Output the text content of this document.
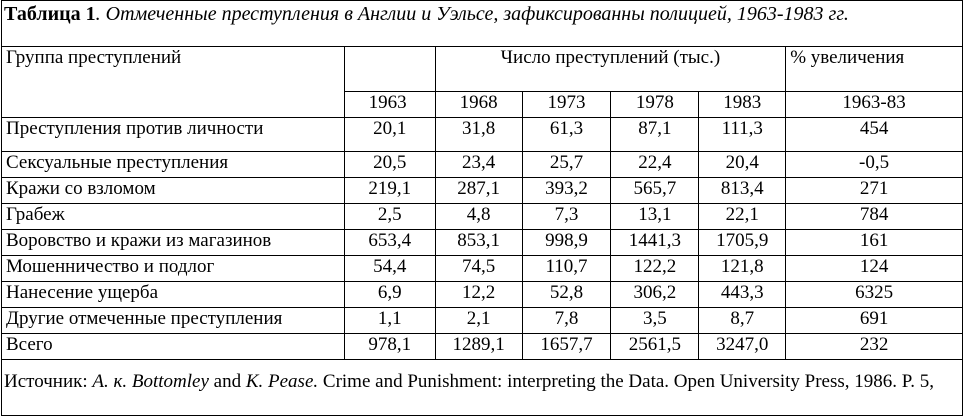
Таблица 1. Отмеченные преступления в Англии и Уэльсе, зафиксированны полицией, 1963-1983 гг.
Группа преступлений		Число преступлений (тыс.)				% увеличения
	1963	1968	1973	1978	1983	1963-83
Преступления против личности	20,1	31,8	61,3	87,1	111,3	454
Сексуальные преступления	20,5	23,4	25,7	22,4	20,4	-0,5
Кражи со взломом	219,1	287,1	393,2	565,7	813,4	271
Грабеж	2,5	4,8	7,3	13,1	22,1	784
Воровство и кражи из магазинов	653,4	853,1	998,9	1441,3	1705,9	161
Мошенничество и подлог	54,4	74,5	110,7	122,2	121,8	124
Нанесение ущерба	6,9	12,2	52,8	306,2	443,3	6325
Другие отмеченные преступления	1,1	2,1	7,8	3,5	8,7	691
Всего	978,1	1289,1	1657,7	2561,5	3247,0	232
Источник: А. к. Bottomley and K. Pease. Crime and Punishment: interpreting the Data. Open University Press, 1986. P. 5,
